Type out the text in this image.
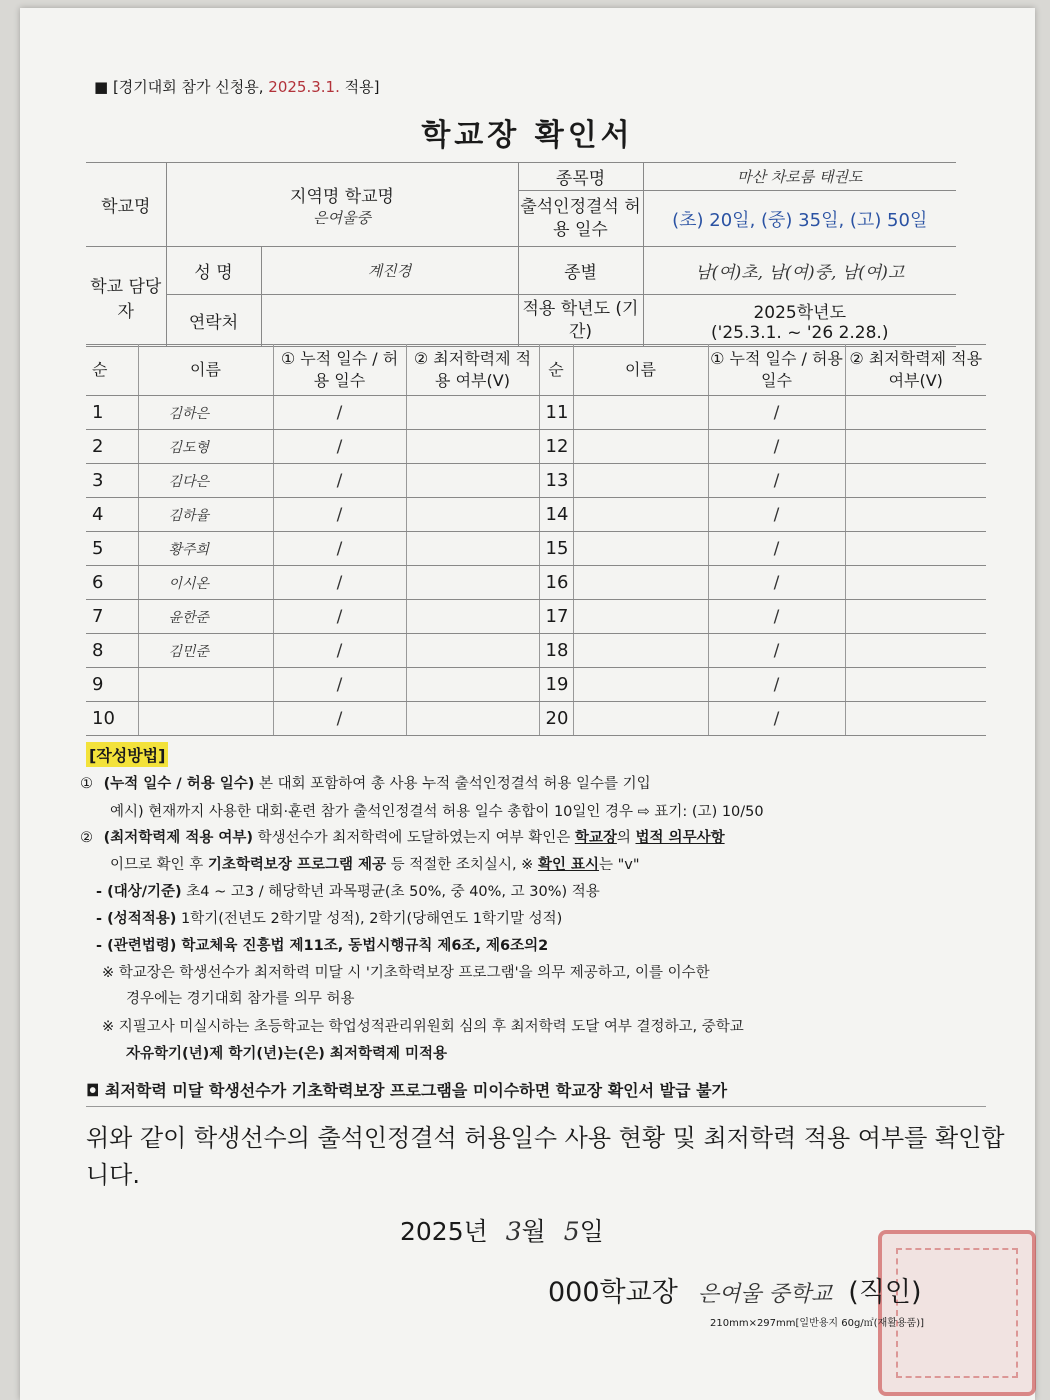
■ [경기대회 참가 신청용, 2025.3.1. 적용]
학교장 확인서
학교명	지역명 학교명
은여울중		종목명	마산 차로룸 태권도
			출석인정결석 허용 일수	(초) 20일, (중) 35일, (고) 50일
학교 담당자	성 명	계진경	종별	남(여)초, 남(여)중, 남(여)고
	연락처		적용 학년도 (기간)	2025학년도
('25.3.1. ~ '26 2.28.)
순	이름	① 누적 일수 / 허용 일수	② 최저학력제 적용 여부(V)	순	이름	① 누적 일수 / 허용 일수	② 최저학력제 적용 여부(V)
1	김하은	/		11		/	
2	김도형	/		12		/	
3	김다은	/		13		/	
4	김하율	/		14		/	
5	황주희	/		15		/	
6	이시온	/		16		/	
7	윤한준	/		17		/	
8	김민준	/		18		/	
9		/		19		/	
10		/		20		/	
[작성방법]
① (누적 일수 / 허용 일수) 본 대회 포함하여 총 사용 누적 출석인정결석 허용 일수를 기입
예시) 현재까지 사용한 대회·훈련 참가 출석인정결석 허용 일수 총합이 10일인 경우 ⇨ 표기: (고) 10/50
② (최저학력제 적용 여부) 학생선수가 최저학력에 도달하였는지 여부 확인은 학교장의 법적 의무사항
이므로 확인 후 기초학력보장 프로그램 제공 등 적절한 조치실시, ※ 확인 표시는 "v"
- (대상/기준) 초4 ~ 고3 / 해당학년 과목평균(초 50%, 중 40%, 고 30%) 적용
- (성적적용) 1학기(전년도 2학기말 성적), 2학기(당해연도 1학기말 성적)
- (관련법령) 학교체육 진흥법 제11조, 동법시행규칙 제6조, 제6조의2
※ 학교장은 학생선수가 최저학력 미달 시 '기초학력보장 프로그램'을 의무 제공하고, 이를 이수한
경우에는 경기대회 참가를 의무 허용
※ 지필고사 미실시하는 초등학교는 학업성적관리위원회 심의 후 최저학력 도달 여부 결정하고, 중학교
자유학기(년)제 학기(년)는(은) 최저학력제 미적용
◘ 최저학력 미달 학생선수가 기초학력보장 프로그램을 미이수하면 학교장 확인서 발급 불가
위와 같이 학생선수의 출석인정결석 허용일수 사용 현황 및 최저학력 적용 여부를 확인합니다.
2025년 3월 5일
000학교장 은여울 중학교 (직인)
210mm×297mm[일반용지 60g/㎡(재활용품)]
